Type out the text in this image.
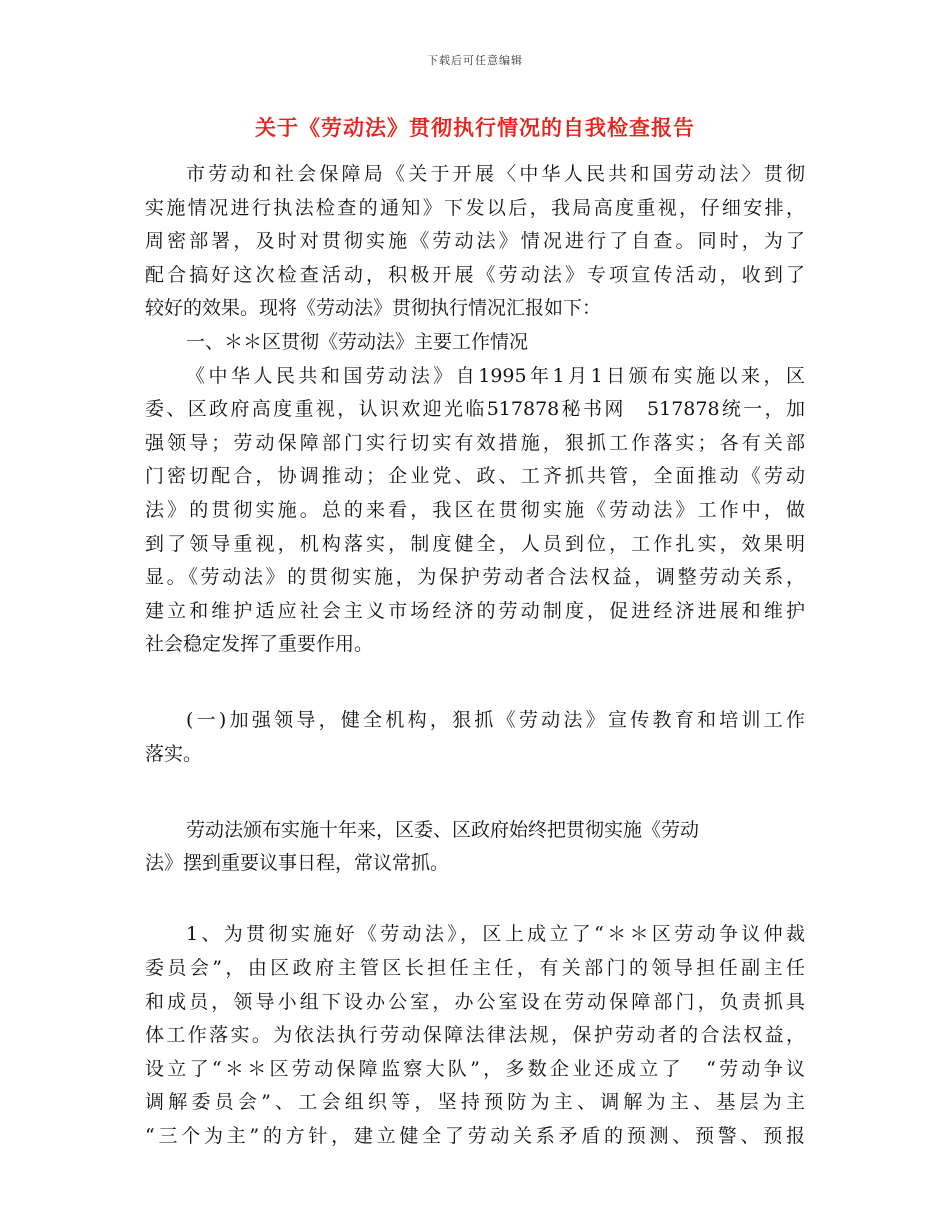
下载后可任意编辑
关于《劳动法》贯彻执行情况的自我检查报告
市劳动和社会保障局《关于开展〈中华人民共和国劳动法〉贯彻
实施情况进行执法检查的通知》下发以后，我局高度重视，仔细安排，
周密部署，及时对贯彻实施《劳动法》情况进行了自查。同时，为了
配合搞好这次检查活动，积极开展《劳动法》专项宣传活动，收到了
较好的效果。现将《劳动法》贯彻执行情况汇报如下：
一、＊＊区贯彻《劳动法》主要工作情况
《中华人民共和国劳动法》自1995年1月1日颁布实施以来，区
委、区政府高度重视，认识欢迎光临517878秘书网　517878统一，加
强领导；劳动保障部门实行切实有效措施，狠抓工作落实；各有关部
门密切配合，协调推动；企业党、政、工齐抓共管，全面推动《劳动
法》的贯彻实施。总的来看，我区在贯彻实施《劳动法》工作中，做
到了领导重视，机构落实，制度健全，人员到位，工作扎实，效果明
显。《劳动法》的贯彻实施，为保护劳动者合法权益，调整劳动关系，
建立和维护适应社会主义市场经济的劳动制度，促进经济进展和维护
社会稳定发挥了重要作用。
(一)加强领导，健全机构，狠抓《劳动法》宣传教育和培训工作
落实。
劳动法颁布实施十年来，区委、区政府始终把贯彻实施《劳动
法》摆到重要议事日程，常议常抓。
1、为贯彻实施好《劳动法》，区上成立了“＊＊区劳动争议仲裁
委员会”，由区政府主管区长担任主任，有关部门的领导担任副主任
和成员，领导小组下设办公室，办公室设在劳动保障部门，负责抓具
体工作落实。为依法执行劳动保障法律法规，保护劳动者的合法权益，
设立了“＊＊区劳动保障监察大队”，多数企业还成立了　“劳动争议
调解委员会”、工会组织等，坚持预防为主、调解为主、基层为主
“三个为主”的方针，建立健全了劳动关系矛盾的预测、预警、预报
